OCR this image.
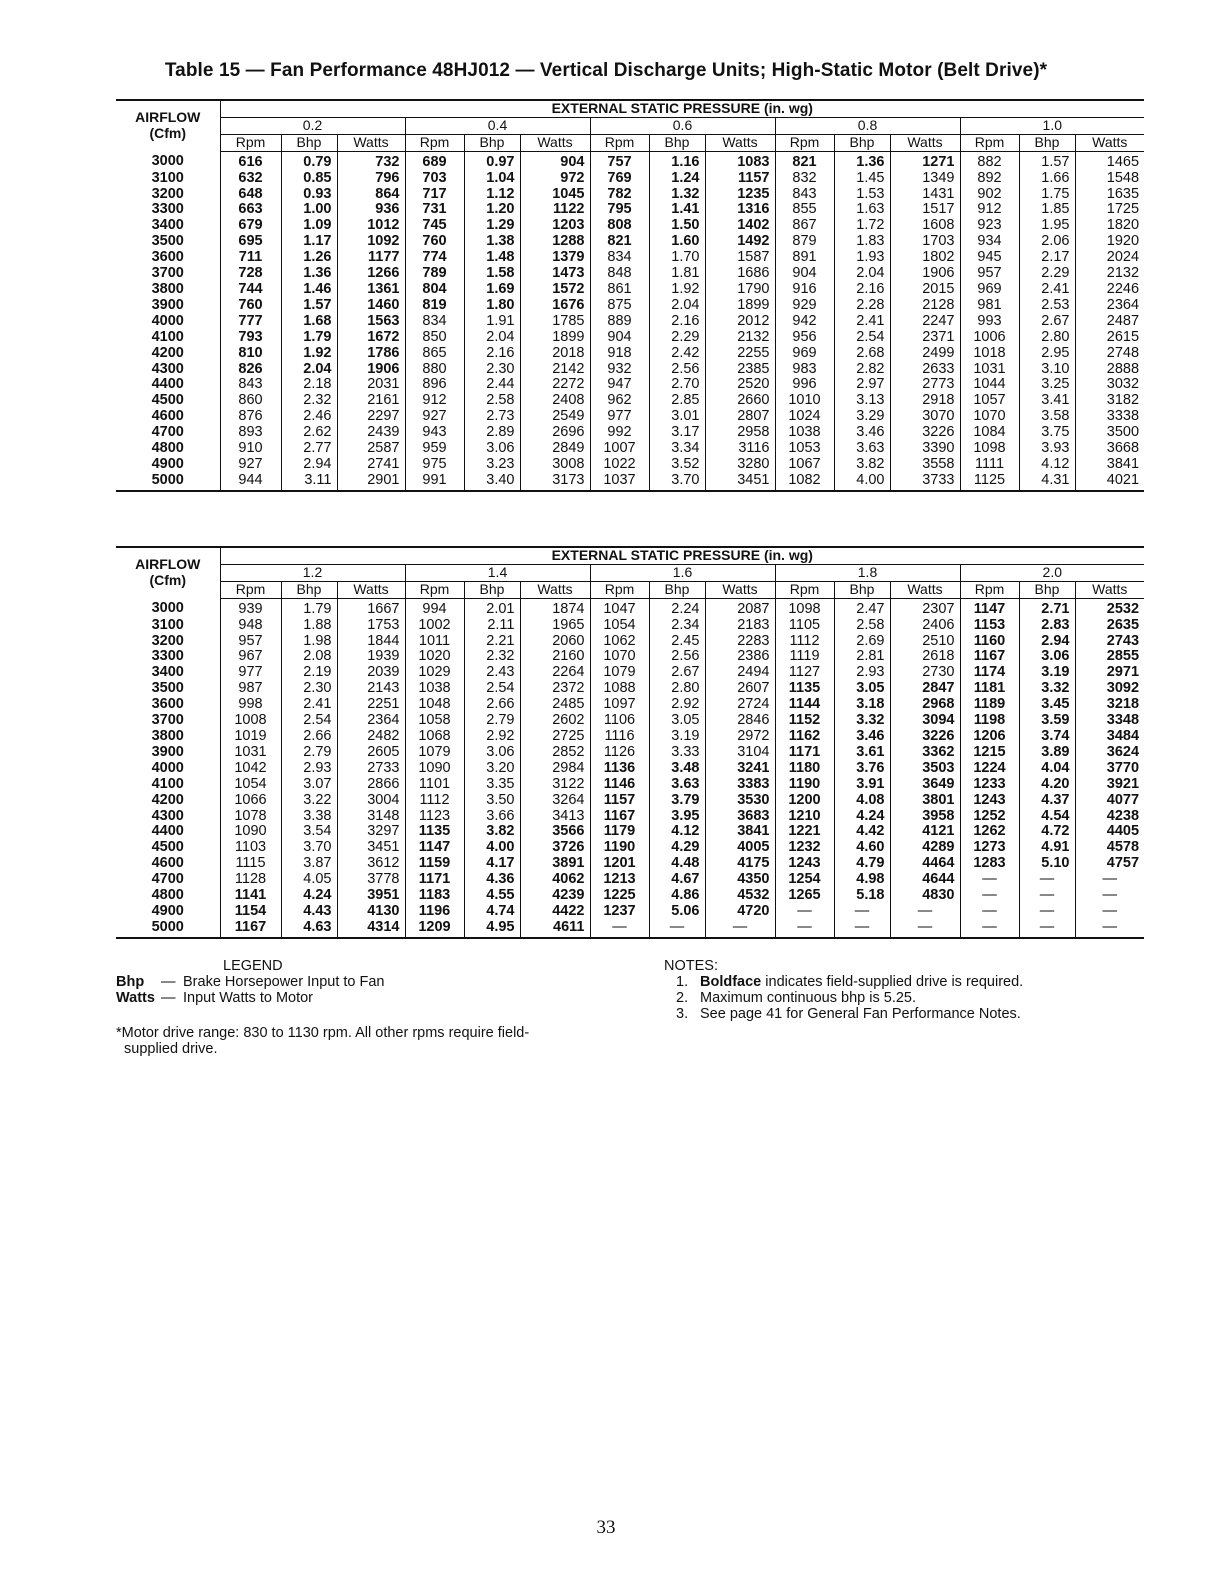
Table 15 — Fan Performance 48HJ012 — Vertical Discharge Units; High-Static Motor (Belt Drive)*
AIRFLOW
(Cfm)	EXTERNAL STATIC PRESSURE (in. wg)														
	0.2			0.4			0.6			0.8			1.0		
	Rpm	Bhp	Watts	Rpm	Bhp	Watts	Rpm	Bhp	Watts	Rpm	Bhp	Watts	Rpm	Bhp	Watts
3000	616	0.79	732	689	0.97	904	757	1.16	1083	821	1.36	1271	882	1.57	1465
3100	632	0.85	796	703	1.04	972	769	1.24	1157	832	1.45	1349	892	1.66	1548
3200	648	0.93	864	717	1.12	1045	782	1.32	1235	843	1.53	1431	902	1.75	1635
3300	663	1.00	936	731	1.20	1122	795	1.41	1316	855	1.63	1517	912	1.85	1725
3400	679	1.09	1012	745	1.29	1203	808	1.50	1402	867	1.72	1608	923	1.95	1820
3500	695	1.17	1092	760	1.38	1288	821	1.60	1492	879	1.83	1703	934	2.06	1920
3600	711	1.26	1177	774	1.48	1379	834	1.70	1587	891	1.93	1802	945	2.17	2024
3700	728	1.36	1266	789	1.58	1473	848	1.81	1686	904	2.04	1906	957	2.29	2132
3800	744	1.46	1361	804	1.69	1572	861	1.92	1790	916	2.16	2015	969	2.41	2246
3900	760	1.57	1460	819	1.80	1676	875	2.04	1899	929	2.28	2128	981	2.53	2364
4000	777	1.68	1563	834	1.91	1785	889	2.16	2012	942	2.41	2247	993	2.67	2487
4100	793	1.79	1672	850	2.04	1899	904	2.29	2132	956	2.54	2371	1006	2.80	2615
4200	810	1.92	1786	865	2.16	2018	918	2.42	2255	969	2.68	2499	1018	2.95	2748
4300	826	2.04	1906	880	2.30	2142	932	2.56	2385	983	2.82	2633	1031	3.10	2888
4400	843	2.18	2031	896	2.44	2272	947	2.70	2520	996	2.97	2773	1044	3.25	3032
4500	860	2.32	2161	912	2.58	2408	962	2.85	2660	1010	3.13	2918	1057	3.41	3182
4600	876	2.46	2297	927	2.73	2549	977	3.01	2807	1024	3.29	3070	1070	3.58	3338
4700	893	2.62	2439	943	2.89	2696	992	3.17	2958	1038	3.46	3226	1084	3.75	3500
4800	910	2.77	2587	959	3.06	2849	1007	3.34	3116	1053	3.63	3390	1098	3.93	3668
4900	927	2.94	2741	975	3.23	3008	1022	3.52	3280	1067	3.82	3558	1111	4.12	3841
5000	944	3.11	2901	991	3.40	3173	1037	3.70	3451	1082	4.00	3733	1125	4.31	4021
AIRFLOW
(Cfm)	EXTERNAL STATIC PRESSURE (in. wg)														
	1.2			1.4			1.6			1.8			2.0		
	Rpm	Bhp	Watts	Rpm	Bhp	Watts	Rpm	Bhp	Watts	Rpm	Bhp	Watts	Rpm	Bhp	Watts
3000	939	1.79	1667	994	2.01	1874	1047	2.24	2087	1098	2.47	2307	1147	2.71	2532
3100	948	1.88	1753	1002	2.11	1965	1054	2.34	2183	1105	2.58	2406	1153	2.83	2635
3200	957	1.98	1844	1011	2.21	2060	1062	2.45	2283	1112	2.69	2510	1160	2.94	2743
3300	967	2.08	1939	1020	2.32	2160	1070	2.56	2386	1119	2.81	2618	1167	3.06	2855
3400	977	2.19	2039	1029	2.43	2264	1079	2.67	2494	1127	2.93	2730	1174	3.19	2971
3500	987	2.30	2143	1038	2.54	2372	1088	2.80	2607	1135	3.05	2847	1181	3.32	3092
3600	998	2.41	2251	1048	2.66	2485	1097	2.92	2724	1144	3.18	2968	1189	3.45	3218
3700	1008	2.54	2364	1058	2.79	2602	1106	3.05	2846	1152	3.32	3094	1198	3.59	3348
3800	1019	2.66	2482	1068	2.92	2725	1116	3.19	2972	1162	3.46	3226	1206	3.74	3484
3900	1031	2.79	2605	1079	3.06	2852	1126	3.33	3104	1171	3.61	3362	1215	3.89	3624
4000	1042	2.93	2733	1090	3.20	2984	1136	3.48	3241	1180	3.76	3503	1224	4.04	3770
4100	1054	3.07	2866	1101	3.35	3122	1146	3.63	3383	1190	3.91	3649	1233	4.20	3921
4200	1066	3.22	3004	1112	3.50	3264	1157	3.79	3530	1200	4.08	3801	1243	4.37	4077
4300	1078	3.38	3148	1123	3.66	3413	1167	3.95	3683	1210	4.24	3958	1252	4.54	4238
4400	1090	3.54	3297	1135	3.82	3566	1179	4.12	3841	1221	4.42	4121	1262	4.72	4405
4500	1103	3.70	3451	1147	4.00	3726	1190	4.29	4005	1232	4.60	4289	1273	4.91	4578
4600	1115	3.87	3612	1159	4.17	3891	1201	4.48	4175	1243	4.79	4464	1283	5.10	4757
4700	1128	4.05	3778	1171	4.36	4062	1213	4.67	4350	1254	4.98	4644	—	—	—
4800	1141	4.24	3951	1183	4.55	4239	1225	4.86	4532	1265	5.18	4830	—	—	—
4900	1154	4.43	4130	1196	4.74	4422	1237	5.06	4720	—	—	—	—	—	—
5000	1167	4.63	4314	1209	4.95	4611	—	—	—	—	—	—	—	—	—
LEGEND
Bhp	— Brake Horsepower Input to Fan
Watts — Input Watts to Motor
*Motor drive range: 830 to 1130 rpm. All other rpms require field-
supplied drive.
NOTES:
1. Boldface indicates field-supplied drive is required.
2. Maximum continuous bhp is 5.25.
3. See page 41 for General Fan Performance Notes.
33
